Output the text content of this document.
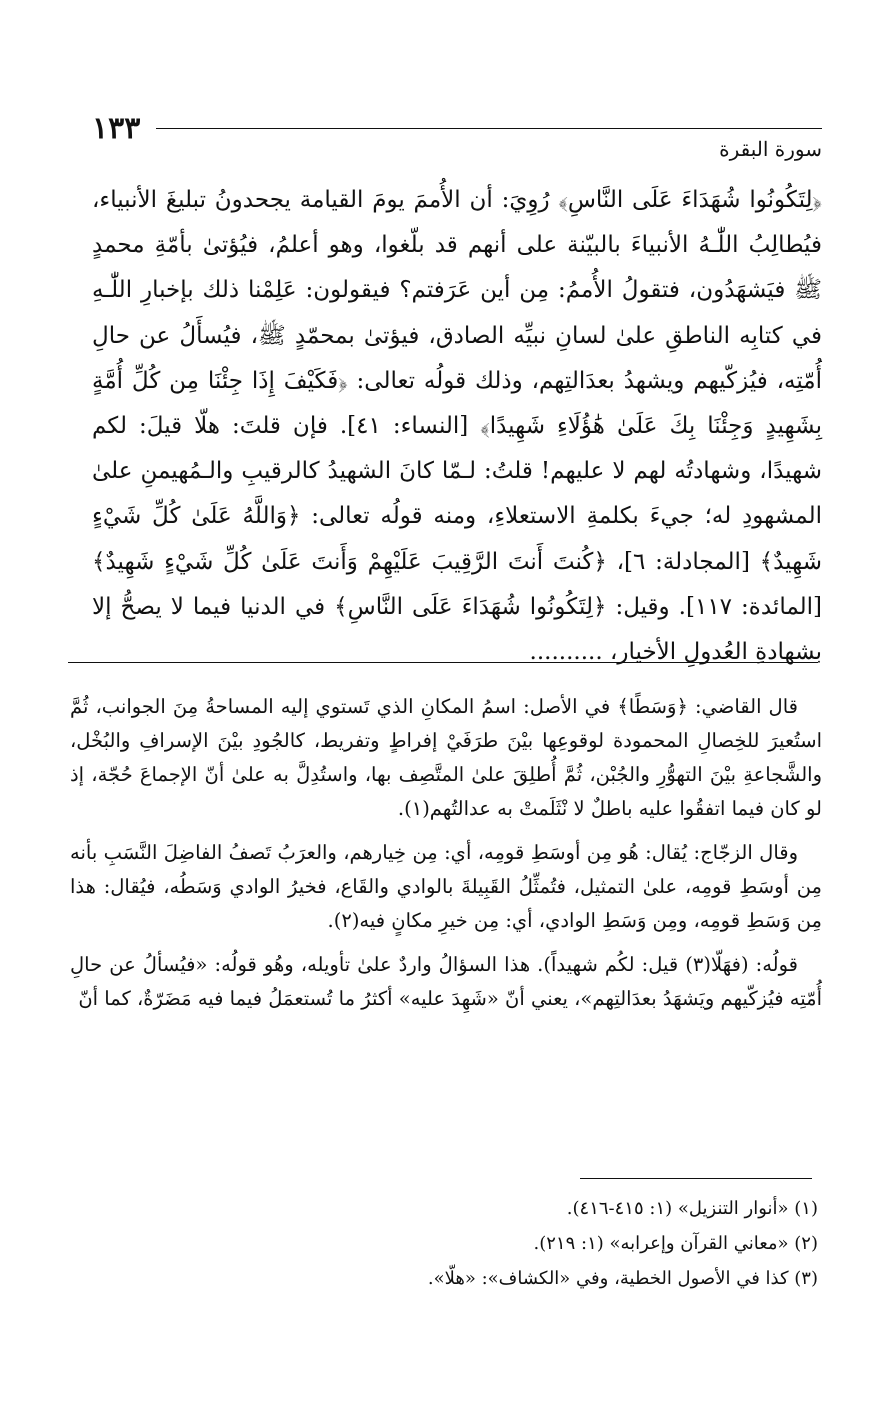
١٣٣
سورة البقرة

﴿لِتَكُونُوا شُهَدَاءَ عَلَى النَّاسِ﴾ رُوِيَ: أن الأُممَ يومَ القيامة يجحدونُ تبليغَ الأنبياء، فيُطالِبُ اللّٰـهُ الأنبياءَ بالبيّنة على أنهم قد بلّغوا، وهو أعلمُ، فيُؤتىٰ بأمّةِ محمدٍ ﷺ فيَشهَدُون، فتقولُ الأُممُ: مِن أين عَرَفتم؟ فيقولون: عَلِمْنا ذلك بإخبارِ اللّٰـهِ في كتابِه الناطقِ علىٰ لسانِ نبيِّه الصادق، فيؤتىٰ بمحمّدٍ ﷺ، فيُسأَلُ عن حالِ أُمّتِه، فيُزكّيهم ويشهدُ بعدَالتِهم، وذلك قولُه تعالى: ﴿فَكَيْفَ إِذَا جِئْنَا مِن كُلِّ أُمَّةٍ بِشَهِيدٍ وَجِئْنَا بِكَ عَلَىٰ هَٰؤُلَاءِ شَهِيدًا﴾ [النساء: ٤١]. فإن قلتَ: هلّا قيلَ: لكم شهيدًا، وشهادتُه لهم لا عليهم! قلتُ: لـمّا كانَ الشهيدُ كالرقيبِ والـمُهيمنِ علىٰ المشهودِ له؛ جيءَ بكلمةِ الاستعلاءِ، ومنه قولُه تعالى: ﴿وَاللَّهُ عَلَىٰ كُلِّ شَيْءٍ شَهِيدٌ﴾ [المجادلة: ٦]، ﴿كُنتَ أَنتَ الرَّقِيبَ عَلَيْهِمْ وَأَنتَ عَلَىٰ كُلِّ شَيْءٍ شَهِيدٌ﴾ [المائدة: ١١٧]. وقيل: ﴿لِتَكُونُوا شُهَدَاءَ عَلَى النَّاسِ﴾ في الدنيا فيما لا يصحُّ إلا بشهادةِ العُدولِ الأخيار، ..........

قال القاضي: ﴿وَسَطًا﴾ في الأصل: اسمُ المكانِ الذي تَستوي إليه المساحةُ مِنَ الجوانب، ثُمَّ استُعيرَ للخِصالِ المحمودة لوقوعِها بيْنَ طرَفَيْ إفراطٍ وتفريط، كالجُودِ بيْنَ الإسرافِ والبُخْل، والشَّجاعةِ بيْنَ التهوُّرِ والجُبْن، ثُمَّ أُطلِقَ علىٰ المتَّصِف بها، واستُدِلَّ به علىٰ أنّ الإجماعَ حُجّة، إذ لو كان فيما اتفقُوا عليه باطلٌ لا نْثَلَمتْ به عدالتُهم(١).

وقال الزجّاج: يُقال: هُو مِن أوسَطِ قومِه، أي: مِن خِيارهم، والعرَبُ تَصفُ الفاضِلَ النَّسَبِ بأنه مِن أوسَطِ قومِه، علىٰ التمثيل، فتُمثِّلُ القَبِيلةَ بالوادي والقَاع، فخيرُ الوادي وَسَطُه، فيُقال: هذا مِن وَسَطِ قومِه، ومِن وَسَطِ الوادي، أي: مِن خيرِ مكانٍ فيه(٢).

قولُه: (فهَلّا(٣) قيل: لكُم شهيداً). هذا السؤالُ واردٌ علىٰ تأويله، وهُو قولُه: «فيُسألُ عن حالِ أُمّتِه فيُزكّيهم ويَشهَدُ بعدَالتِهم»، يعني أنّ «شَهِدَ عليه» أكثرُ ما تُستعمَلُ فيما فيه مَضَرّةٌ، كما أنّ

(١) «أنوار التنزيل» (١: ٤١٥-٤١٦).

(٢) «معاني القرآن وإعرابه» (١: ٢١٩).

(٣) كذا في الأصول الخطية، وفي «الكشاف»: «هلّا».
